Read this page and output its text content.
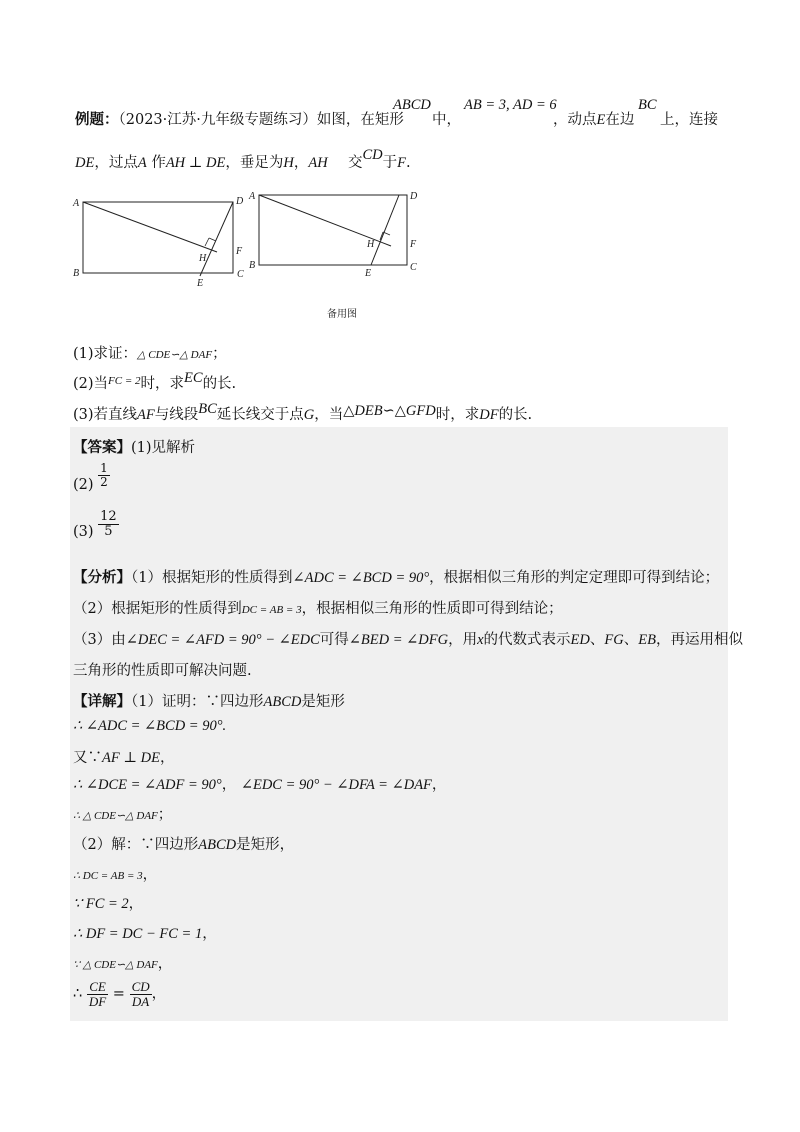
例题：（2023·江苏·九年级专题练习）如图，在矩形
ABCD
中，
AB = 3, AD = 6
，动点E在边
BC
上，连接
DE，过点A 作AH ⊥ DE，垂足为H，AH 交CD于F.
A
B	C
D
E
F
H
A
B	C
D
E
F
H
备用图
(1)求证：△ CDE∽△ DAF；
(2)当$^{FC = 2}$时，求EC的长.
(3)若直线AF与线段BC延长线交于点G，当△DEB∽△GFD时，求DF的长.
【答案】(1)见解析
$(2) \frac{1}{2}$
$(3) \frac{12}{5}$
【分析】（1）根据矩形的性质得到∠ADC = ∠BCD = 90°，根据相似三角形的判定定理即可得到结论；
（2）根据矩形的性质得到DC = AB = 3，根据相似三角形的性质即可得到结论；
（3）由∠DEC = ∠AFD = 90° − ∠EDC可得∠BED = ∠DFG，用x的代数式表示ED、FG、EB，再运用相似
三角形的性质即可解决问题.
【详解】（1）证明：∵四边形ABCD是矩形
∴ ∠ADC = ∠BCD = 90°.
又∵AF ⊥ DE，
∴ ∠DCE = ∠ADF = 90°， ∠EDC = 90° − ∠DFA = ∠DAF，
∴ △ CDE∽△ DAF；
（2）解：∵四边形ABCD是矩形，
∴ DC = AB = 3，
∵ FC = 2，
∴ DF = DC − FC = 1，
∵ △ CDE∽△ DAF，
∴ $\frac{CE}{DF} = \frac{CD}{DA}$ ，
